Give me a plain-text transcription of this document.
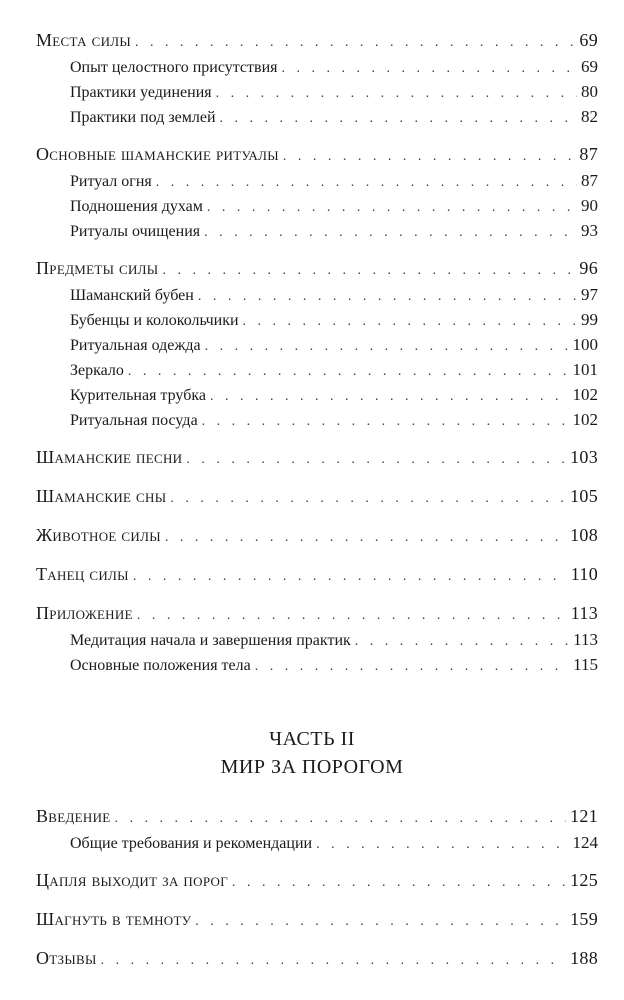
Места силы . . .	69
Опыт целостного присутствия . . .	69
Практики уединения . . .	80
Практики под землей . . .	82
Основные шаманские ритуалы . . .	87
Ритуал огня . . .	87
Подношения духам . . .	90
Ритуалы очищения . . .	93
Предметы силы . . .	96
Шаманский бубен . . .	97
Бубенцы и колокольчики . . .	99
Ритуальная одежда . . .	100
Зеркало . . .	101
Курительная трубка . . .	102
Ритуальная посуда . . .	102
Шаманские песни . . .	103
Шаманские сны . . .	105
Животное силы . . .	108
Танец силы . . .	110
Приложение . . .	113
Медитация начала и завершения практик . . .	113
Основные положения тела . . .	115
ЧАСТЬ II
МИР ЗА ПОРОГОМ
Введение . . .	121
Общие требования и рекомендации . . .	124
Цапля выходит за порог . . .	125
Шагнуть в темноту . . .	159
Отзывы . . .	188
